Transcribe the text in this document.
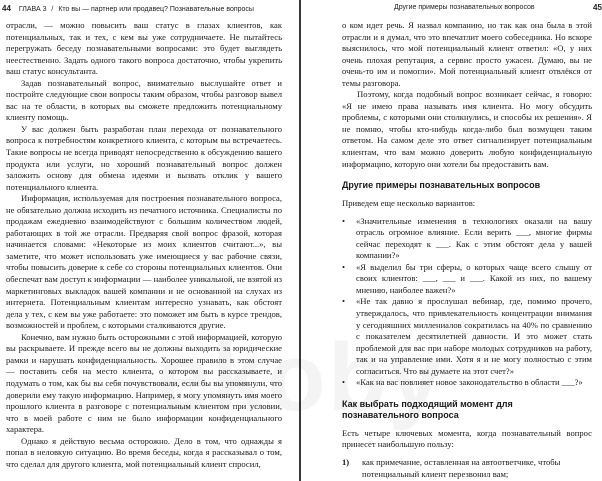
44 ГЛАВА 3 / Кто вы — партнер или продавец? Познавательные вопросы

отрасли, — можно повысить ваш статус в глазах клиентов, как потенциальных, так и тех, с кем вы уже сотрудничаете. Не пытайтесь перегружать беседу познавательными вопросами: это будет выглядеть неестественно. Задать одного такого вопроса достаточно, чтобы укрепить ваш статус консультанта.

Задав познавательный вопрос, внимательно выслушайте ответ и постройте следующие свои вопросы таким образом, чтобы разговор вывел вас на те области, в которых вы сможете предложить потенциальному клиенту помощь.

У вас должен быть разработан план перехода от познавательного вопроса к потребностям конкретного клиента, с которым вы встречаетесь. Такие вопросы не всегда приводят непосредственно к обсуждению вашего продукта или услуги, но хороший познавательный вопрос должен заложить основу для обмена идеями и вызвать отклик у вашего потенциального клиента.

Информация, используемая для построения познавательного вопроса, не обязательно должна исходить из печатного источника. Специалисты по продажам ежедневно взаимодействуют с большим количеством людей, работающих в той же отрасли. Предваряя свой вопрос фразой, которая начинается словами: «Некоторые из моих клиентов считают...», вы заметите, что может использовать уже имеющиеся у вас рабочие связи, чтобы повысить доверие к себе со стороны потенциальных клиентов. Они обеспечат вам доступ к информации — наиболее уникальной, не взятой из маркетинговых выкладок вашей компании и не основанной на слухах из интернета. Потенциальным клиентам интересно узнавать, как обстоят дела у тех, с кем вы уже работаете: это поможет им быть в курсе трендов, возможностей и проблем, с которыми сталкиваются другие.

Конечно, вам нужно быть осторожными с этой информацией, которую вы раскрываете. И прежде всего вы не должны выходить за юридические рамки и нарушать конфиденциальность. Хорошее правило в этом случае — поставить себя на место клиента, о котором вы рассказываете, и подумать о том, как бы вы себя почувствовали, если бы вы упомянули, что доверили ему такую информацию. Например, я могу упомянуть имя моего прошлого клиента в разговоре с потенциальным клиентом при условии, что в моей работе с ним не было информации конфиденциального характера.

Однако я действую весьма осторожно. Дело в том, что однажды я попал в неловкую ситуацию. Во время беседы, когда я рассказывал о том, что сделал для другого клиента, мой потенциальный клиент спросил,

Другие примеры познавательных вопросов	45

о ком идет речь. Я назвал компанию, но так как она была в этой отрасли и я думал, что это впечатлит моего собеседника. Но вскоре выяснилось, что мой потенциальный клиент ответил: «О, у них очень плохая репутация, а сервис просто ужасен. Думаю, вы не очень-то им и помогли». Мой потенциальный клиент отвлёкся от темы разговора.

Поэтому, когда подобный вопрос возникает сейчас, я говорю: «Я не имею права называть имя клиента. Но могу обсудить проблемы, с которыми они столкнулись, и способы их решения». Я не помню, чтобы кто-нибудь когда-либо был возмущен таким ответом. На самом деле это ответ сигнализирует потенциальным клиентам, что вам можно доверить любую конфиденциальную информацию, которую они хотели бы предоставить вам.

Другие примеры познавательных вопросов

Приведем еще несколько вариантов:

• «Значительные изменения в технологиях оказали на вашу отрасль огромное влияние. Если верить ___, многие фирмы сейчас переходят к ___. Как с этим обстоят дела у вашей компании?»
• «Я выделил бы три сферы, о которых чаще всего слышу от своих клиентов: ___, ___ и ___. Какой из них, по вашему мнению, наиболее важен?»
• «Не так давно я прослушал вебинар, где, помимо прочего, утверждалось, что привлекательность концентрации внимания у сегодняшних миллениалов сократилась на 40% по сравнению с показателем десятилетней давности. И это может стать проблемой для вас при наборе молодых сотрудников на работу, так и на управление ими. Хотя я и не могу полностью с этим согласиться. Что вы думаете на этот счет?»
• «Как на вас повлияет новое законодательство в области ___?»
Как выбрать подходящий момент для познавательного вопроса

Есть четыре ключевых момента, когда познавательный вопрос принесет наибольшую пользу:

1) как примечание, оставленная на автоответчике, чтобы потенциальный клиент перезвонил вам;
